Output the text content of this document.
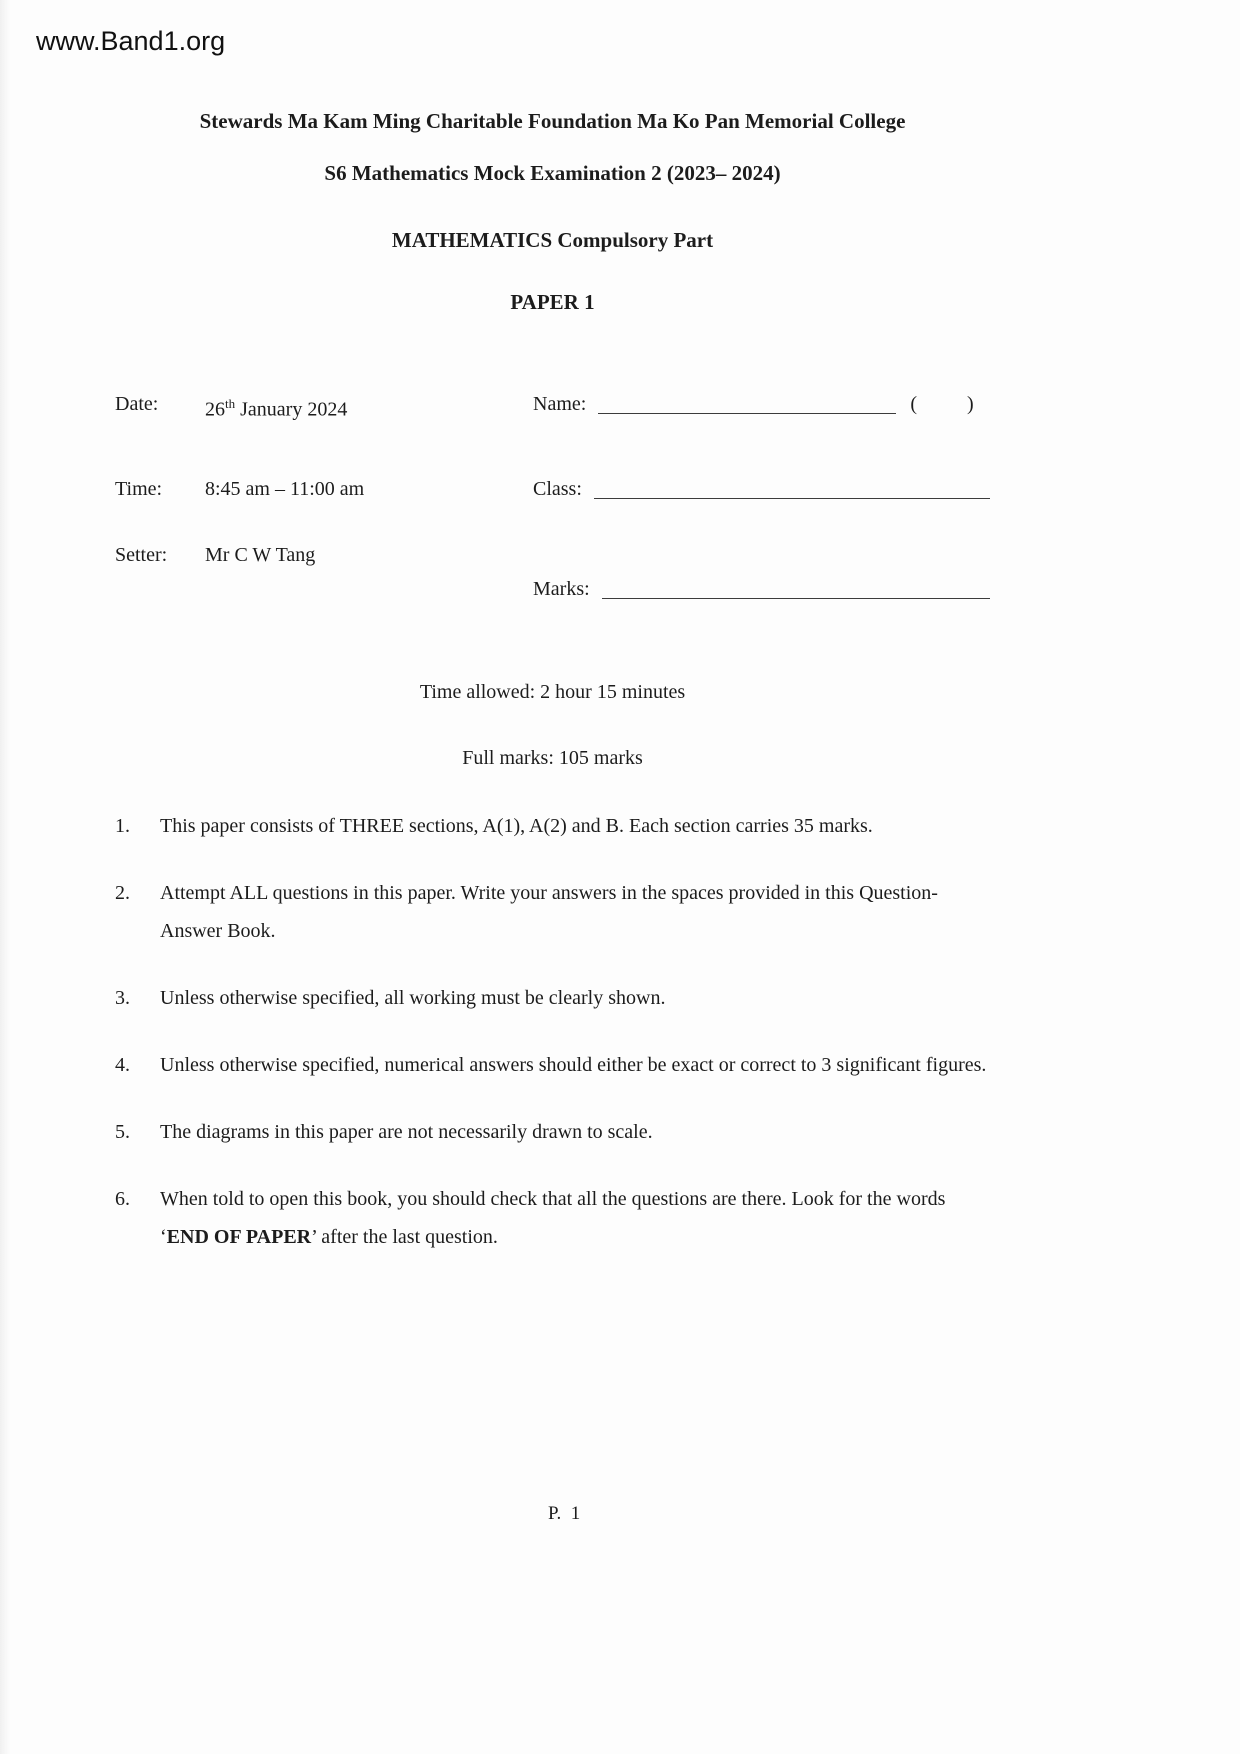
www.Band1.org
Stewards Ma Kam Ming Charitable Foundation Ma Ko Pan Memorial College
S6 Mathematics Mock Examination 2 (2023– 2024)
MATHEMATICS Compulsory Part
PAPER 1
Date:	26th January 2024	Name:	(	)
Time:	8:45 am – 11:00 am	Class:
Setter:	Mr C W Tang
Marks:
Time allowed: 2 hour 15 minutes
Full marks: 105 marks
1.	This paper consists of THREE sections, A(1), A(2) and B. Each section carries 35 marks.
2.	Attempt ALL questions in this paper. Write your answers in the spaces provided in this Question-Answer Book.
3.	Unless otherwise specified, all working must be clearly shown.
4.	Unless otherwise specified, numerical answers should either be exact or correct to 3 significant figures.
5.	The diagrams in this paper are not necessarily drawn to scale.
6.	When told to open this book, you should check that all the questions are there. Look for the words ‘END OF PAPER’ after the last question.
P.  1
